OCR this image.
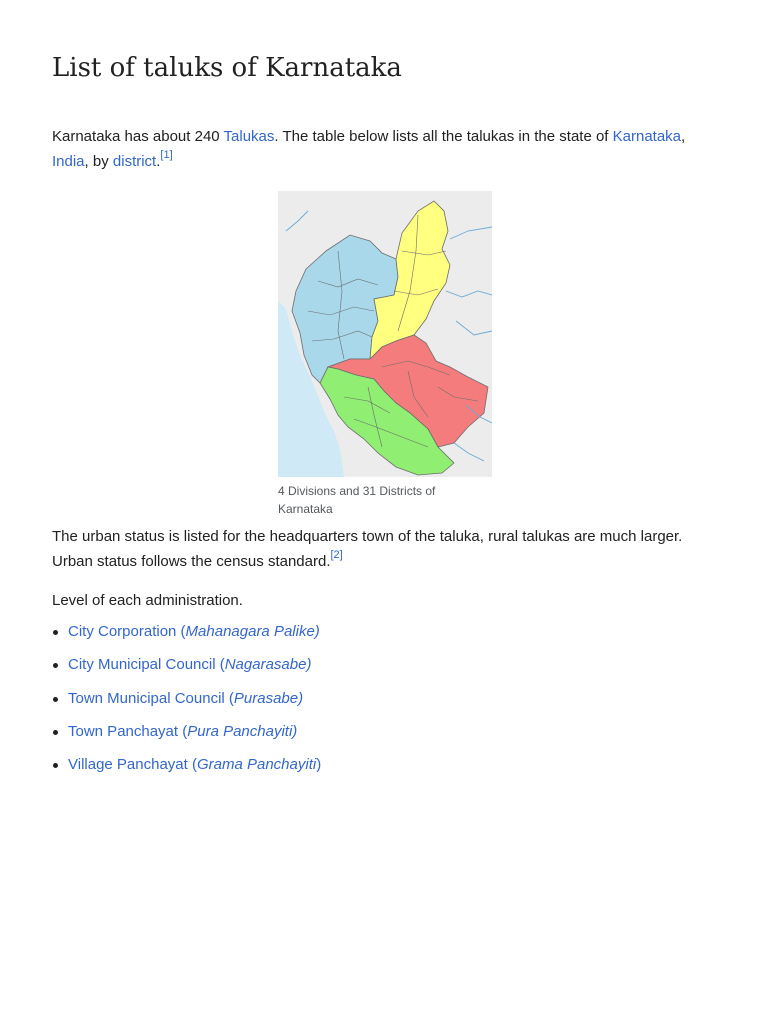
List of taluks of Karnataka

Karnataka has about 240 Talukas. The table below lists all the talukas in the state of Karnataka,
India, by district.[1]

4 Divisions and 31 Districts of Karnataka

The urban status is listed for the headquarters town of the taluka, rural talukas are much larger. Urban status follows the census standard.[2]

Level of each administration.

City Corporation (Mahanagara Palike)
City Municipal Council (Nagarasabe)
Town Municipal Council (Purasabe)
Town Panchayat (Pura Panchayiti)
Village Panchayat (Grama Panchayiti)
